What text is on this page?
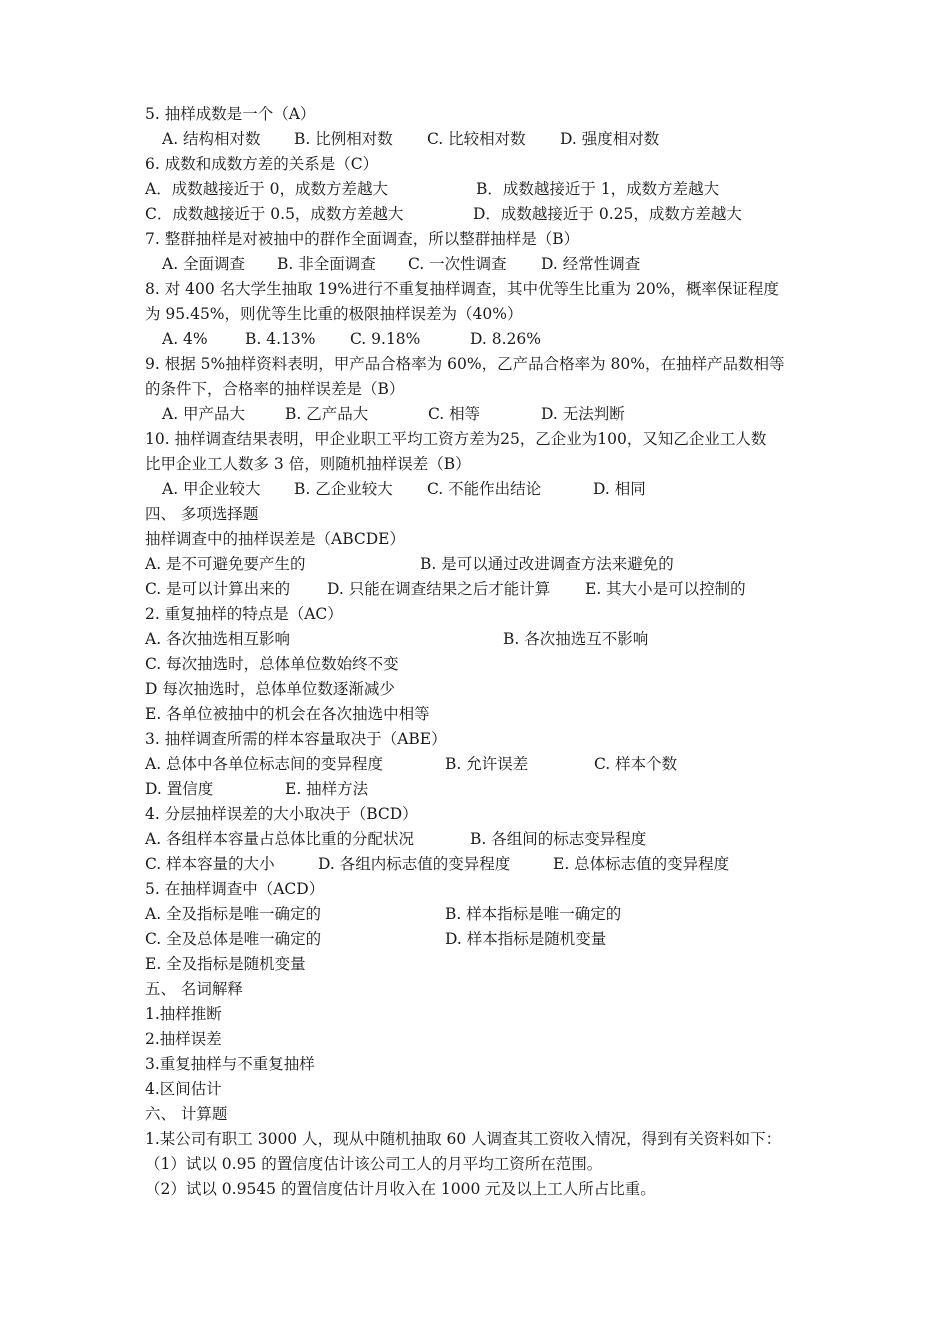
5. 抽样成数是一个（A）
A. 结构相对数 B. 比例相对数 C. 比较相对数 D. 强度相对数
6. 成数和成数方差的关系是（C）
A．成数越接近于 0，成数方差越大	B．成数越接近于 1，成数方差越大
C．成数越接近于 0.5，成数方差越大	D．成数越接近于 0.25，成数方差越大
7. 整群抽样是对被抽中的群作全面调查，所以整群抽样是（B）
A. 全面调查 B. 非全面调查 C. 一次性调查 D. 经常性调查
8. 对 400 名大学生抽取 19%进行不重复抽样调查，其中优等生比重为 20%，概率保证程度
为 95.45%，则优等生比重的极限抽样误差为（40%）
A. 4% B. 4.13% C. 9.18%	D. 8.26%
9. 根据 5%抽样资料表明，甲产品合格率为 60%，乙产品合格率为 80%，在抽样产品数相等
的条件下，合格率的抽样误差是（B）
A. 甲产品大	B. 乙产品大	C. 相等	D. 无法判断
10. 抽样调查结果表明，甲企业职工平均工资方差为25，乙企业为100，又知乙企业工人数
比甲企业工人数多 3 倍，则随机抽样误差（B）
A. 甲企业较大 B. 乙企业较大 C. 不能作出结论	D. 相同
四、 多项选择题
抽样调查中的抽样误差是（ABCDE）
A. 是不可避免要产生的	B. 是可以通过改进调查方法来避免的
C. 是可以计算出来的 D. 只能在调查结果之后才能计算 E. 其大小是可以控制的
2. 重复抽样的特点是（AC）
A. 各次抽选相互影响	B. 各次抽选互不影响
C. 每次抽选时，总体单位数始终不变
D 每次抽选时，总体单位数逐渐减少
E. 各单位被抽中的机会在各次抽选中相等
3. 抽样调查所需的样本容量取决于（ABE）
A. 总体中各单位标志间的变异程度	B. 允许误差	C. 样本个数
D. 置信度	E. 抽样方法
4. 分层抽样误差的大小取决于（BCD）
A. 各组样本容量占总体比重的分配状况	B. 各组间的标志变异程度
C. 样本容量的大小	D. 各组内标志值的变异程度	E. 总体标志值的变异程度
5. 在抽样调查中（ACD）
A. 全及指标是唯一确定的	B. 样本指标是唯一确定的
C. 全及总体是唯一确定的	D. 样本指标是随机变量
E. 全及指标是随机变量
五、 名词解释
1.抽样推断
2.抽样误差
3.重复抽样与不重复抽样
4.区间估计
六、 计算题
1.某公司有职工 3000 人，现从中随机抽取 60 人调查其工资收入情况，得到有关资料如下：
（1）试以 0.95 的置信度估计该公司工人的月平均工资所在范围。
（2）试以 0.9545 的置信度估计月收入在 1000 元及以上工人所占比重。
